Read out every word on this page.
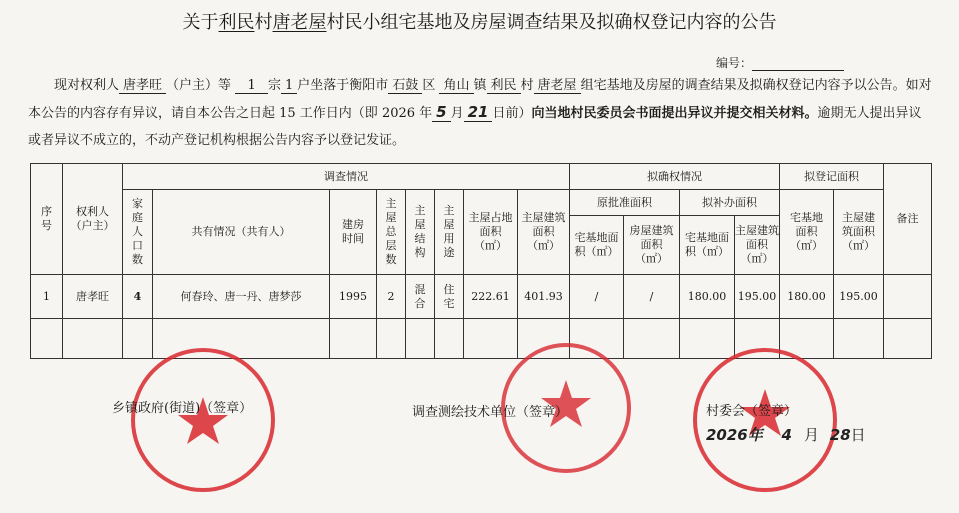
关于利民村唐老屋村民小组宅基地及房屋调查结果及拟确权登记内容的公告
编号：
现对权利人 唐孝旺 （户主）等 1 宗 1 户坐落于衡阳市 石鼓 区 角山 镇 利民 村 唐老屋 组宅基地及房屋的调查结果及拟确权登记内容予以公告。如对本公告的内容存有异议，请自本公告之日起 15 工作日内（即 2026 年 5 月 21 日前）向当地村民委员会书面提出异议并提交相关材料。逾期无人提出异议或者异议不成立的，不动产登记机构根据公告内容予以登记发证。
序号	权利人（户主）	调查情况								拟确权情况				拟登记面积		备注
		家庭人口数	共有情况（共有人）	建房时间	主屋总层数	主屋结构	主屋用途	主屋占地面积（㎡）	主屋建筑面积（㎡）	原批准面积		拟补办面积		宅基地面积（㎡）	主屋建筑面积（㎡）	
										宅基地面积（㎡）	房屋建筑面积（㎡）	宅基地面积（㎡）	主屋建筑面积（㎡）			
1	唐孝旺	4	何春玲、唐一丹、唐梦莎	1995	2	混合	住宅	222.61	401.93	/	/	180.00	195.00	180.00	195.00	

乡镇政府(街道)（签章）	调查测绘技术单位（签章）	村委会（签章）
2026年 4 月 28日
